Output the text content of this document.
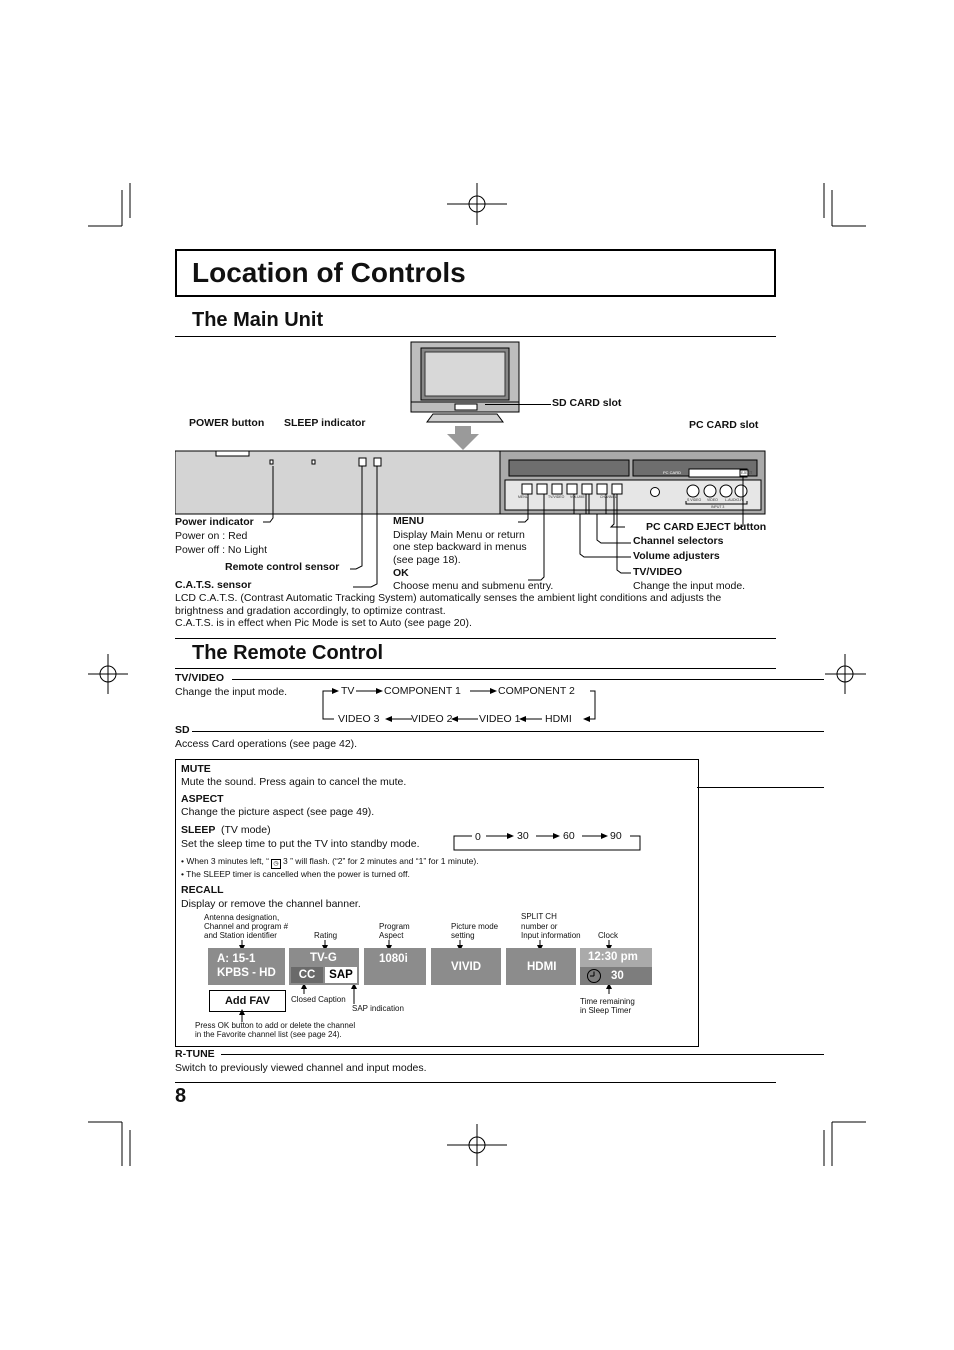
Location of Controls
The Main Unit
SD CARD slot
POWER button SLEEP indicator	PC CARD slot
MENU	TV/VIDEO VOLUME	CHANNEL
PC CARD	EJECT
S VIDEO VIDEO L-AUDIO-R
INPUT 3
Power indicator
Power on : Red
Power off : No Light
Remote control sensor
C.A.T.S. sensor
MENU
Display Main Menu or return
one step backward in menus
(see page 18).
OK
Choose menu and submenu entry.
PC CARD EJECT button
Channel selectors
Volume adjusters
TV/VIDEO
Change the input mode.
LCD C.A.T.S. (Contrast Automatic Tracking System) automatically senses the ambient light conditions and adjusts the
brightness and gradation accordingly, to optimize contrast.
C.A.T.S. is in effect when Pic Mode is set to Auto (see page 20).
The Remote Control
TV/VIDEO
Change the input mode.	TV	COMPONENT 1	COMPONENT 2
VIDEO 3	VIDEO 2	VIDEO 1 HDMI
SD
Access Card operations (see page 42).
MUTE
Mute the sound. Press again to cancel the mute.
ASPECT
Change the picture aspect (see page 49).
SLEEP (TV mode)
Set the sleep time to put the TV into standby mode.
0	30	60	90
• When 3 minutes left, “ ◷ 3 ” will flash. (“2” for 2 minutes and “1” for 1 minute).
• The SLEEP timer is cancelled when the power is turned off.
RECALL
Display or remove the channel banner.
Antenna designation,
Channel and program #
and Station identifier	Rating
Program
Aspect
Picture mode
setting
SPLIT CH
number or
Input information Clock
A: 15-1
KPBS - HD
TV-G
CC	SAP
1080i
VIVID	HDMI
12:30 pm
30
Add FAV	Closed Caption
SAP indication
Time remaining
in Sleep Timer
Press OK button to add or delete the channel
in the Favorite channel list (see page 24).
R-TUNE
Switch to previously viewed channel and input modes.
8
